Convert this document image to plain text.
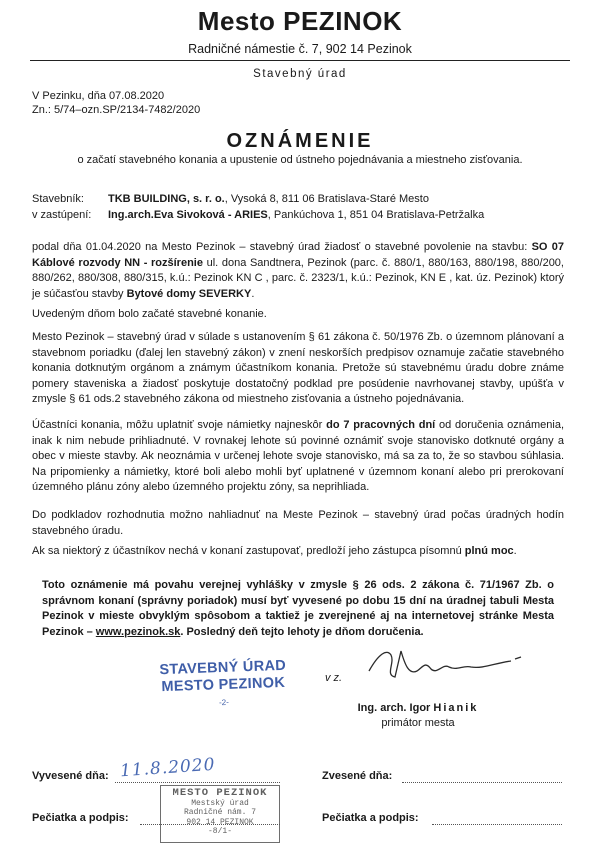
Mesto PEZINOK
Radničné námestie č. 7, 902 14 Pezinok
Stavebný úrad
V Pezinku, dňa 07.08.2020
Zn.: 5/74–ozn.SP/2134-7482/2020
OZNÁMENIE
o začatí stavebného konania a upustenie od ústneho pojednávania a miestneho zisťovania.
Stavebník: TKB BUILDING, s. r. o., Vysoká 8, 811 06 Bratislava-Staré Mesto
v zastúpení: Ing.arch.Eva Sivoková - ARIES, Pankúchova 1, 851 04 Bratislava-Petržalka
podal dňa 01.04.2020 na Mesto Pezinok – stavebný úrad žiadosť o stavebné povolenie na stavbu: SO 07 Káblové rozvody NN - rozšírenie ul. dona Sandtnera, Pezinok (parc. č. 880/1, 880/163, 880/198, 880/200, 880/262, 880/308, 880/315, k.ú.: Pezinok KN C , parc. č. 2323/1, k.ú.: Pezinok, KN E , kat. úz. Pezinok) ktorý je súčasťou stavby Bytové domy SEVERKY.
Uvedeným dňom bolo začaté stavebné konanie.
Mesto Pezinok – stavebný úrad v súlade s ustanovením § 61 zákona č. 50/1976 Zb. o územnom plánovaní a stavebnom poriadku (ďalej len stavebný zákon) v znení neskorších predpisov oznamuje začatie stavebného konania dotknutým orgánom a známym účastníkom konania. Pretože sú stavebnému úradu dobre známe pomery staveniska a žiadosť poskytuje dostatočný podklad pre posúdenie navrhovanej stavby, upúšťa v zmysle § 61 ods.2 stavebného zákona od miestneho zisťovania a ústneho pojednávania.
Účastníci konania, môžu uplatniť svoje námietky najneskôr do 7 pracovných dní od doručenia oznámenia, inak k nim nebude prihliadnuté. V rovnakej lehote sú povinné oznámiť svoje stanovisko dotknuté orgány a obec v mieste stavby. Ak neoznámia v určenej lehote svoje stanovisko, má sa za to, že so stavbou súhlasia. Na pripomienky a námietky, ktoré boli alebo mohli byť uplatnené v územnom konaní alebo pri prerokovaní územného plánu zóny alebo územného projektu zóny, sa neprihliada.
Do podkladov rozhodnutia možno nahliadnuť na Meste Pezinok – stavebný úrad počas úradných hodín stavebného úradu.
Ak sa niektorý z účastníkov nechá v konaní zastupovať, predloží jeho zástupca písomnú plnú moc.
Toto oznámenie má povahu verejnej vyhlášky v zmysle § 26 ods. 2 zákona č. 71/1967 Zb. o správnom konaní (správny poriadok) musí byť vyvesené po dobu 15 dní na úradnej tabuli Mesta Pezinok v mieste obvyklým spôsobom a taktiež je zverejnené aj na internetovej stránke Mesta Pezinok – www.pezinok.sk. Posledný deň tejto lehoty je dňom doručenia.
STAVEBNÝ ÚRAD
MESTO PEZINOK
-2-
v z.
Ing. arch. Igor Hianik
primátor mesta
Vyvesené dňa: 11.8.2020	Zvesené dňa:
Pečiatka a podpis:
MESTO PEZINOK
Mestský úrad
Radničné nám. 7
902 14 PEZINOK
-8/1-
Pečiatka a podpis:
